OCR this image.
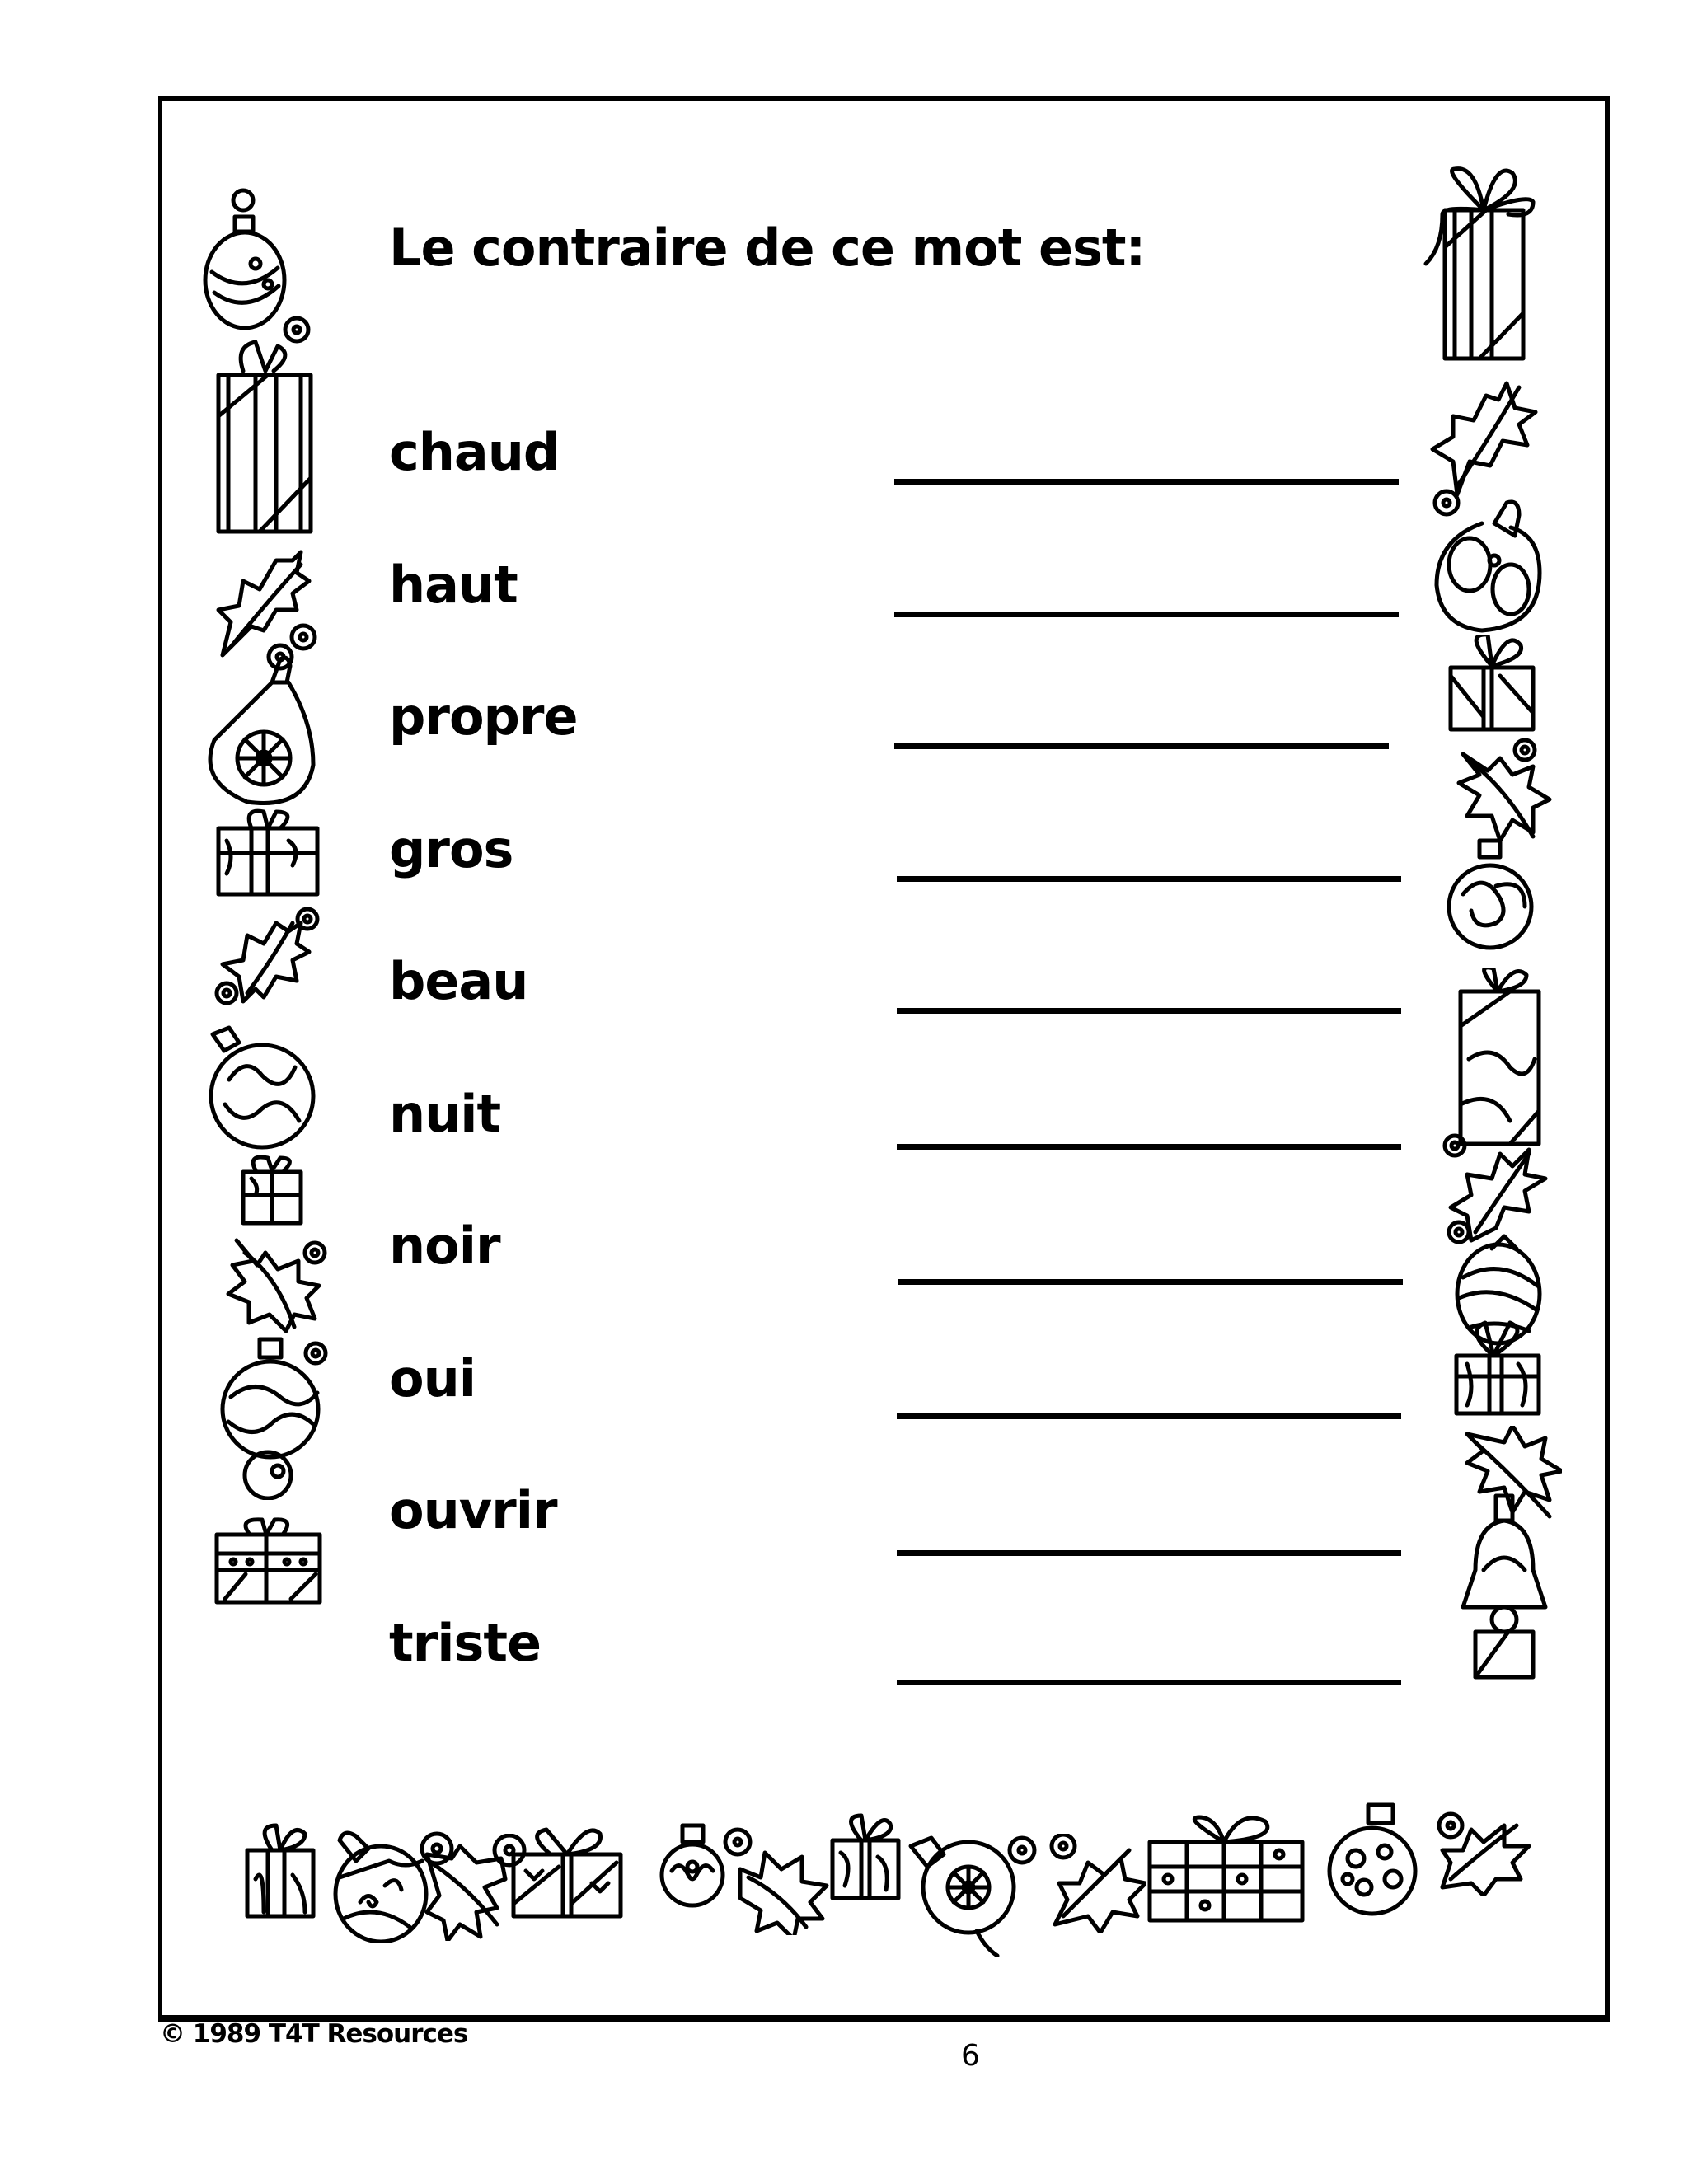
Le contraire de ce mot est:
chaud
haut
propre
gros
beau
nuit
noir
oui
ouvrir
triste
© 1989 T4T Resources
6
